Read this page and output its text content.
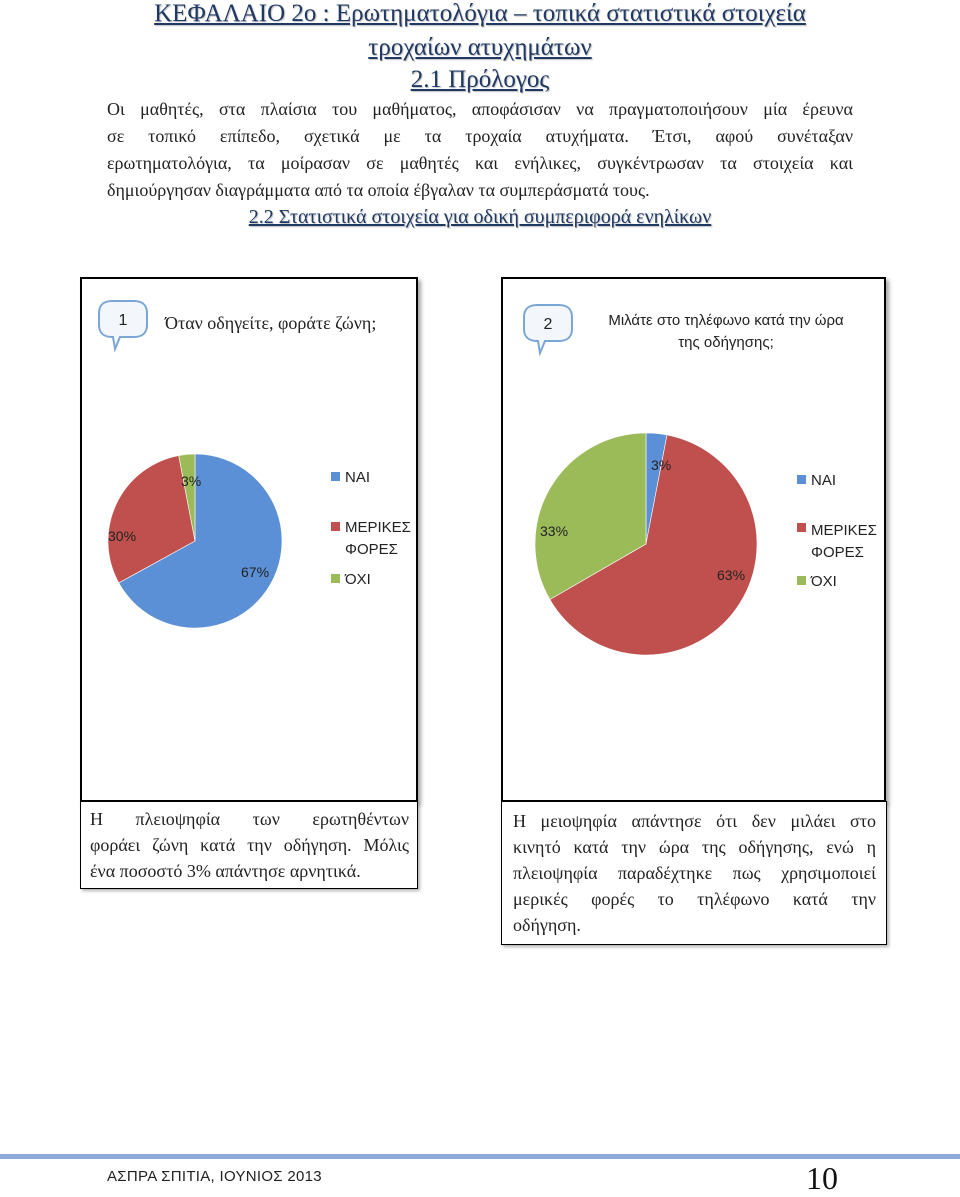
ΚΕΦΑΛΑΙΟ 2ο : Ερωτηματολόγια – τοπικά στατιστικά στοιχεία
τροχαίων ατυχημάτων
2.1 Πρόλογος
Οι μαθητές, στα πλαίσια του μαθήματος, αποφάσισαν να πραγματοποιήσουν μία έρευνα
σε τοπικό επίπεδο, σχετικά με τα τροχαία ατυχήματα. Έτσι, αφού συνέταξαν
ερωτηματολόγια, τα μοίρασαν σε μαθητές και ενήλικες, συγκέντρωσαν τα στοιχεία και
δημιούργησαν διαγράμματα από τα οποία έβγαλαν τα συμπεράσματά τους.
2.2 Στατιστικά στοιχεία για οδική συμπεριφορά ενηλίκων
1 Όταν οδηγείτε, φοράτε ζώνη;
3%
30%
67%
ΝΑΙ
ΜΕΡΙΚΕΣ
ΦΟΡΕΣ
ΌΧΙ
2	Μιλάτε στο τηλέφωνο κατά την ώρα
της οδήγησης;
3%
33%
63%
ΝΑΙ
ΜΕΡΙΚΕΣ
ΦΟΡΕΣ
ΌΧΙ
Η πλειοψηφία των ερωτηθέντων
φοράει ζώνη κατά την οδήγηση. Μόλις
ένα ποσοστό 3% απάντησε αρνητικά.
Η μειοψηφία απάντησε ότι δεν μιλάει στο
κινητό κατά την ώρα της οδήγησης, ενώ η
πλειοψηφία παραδέχτηκε πως χρησιμοποιεί
μερικές φορές το τηλέφωνο κατά την
οδήγηση.
ΑΣΠΡΑ ΣΠΙΤΙΑ, ΙΟΥΝΙΟΣ 2013	10
